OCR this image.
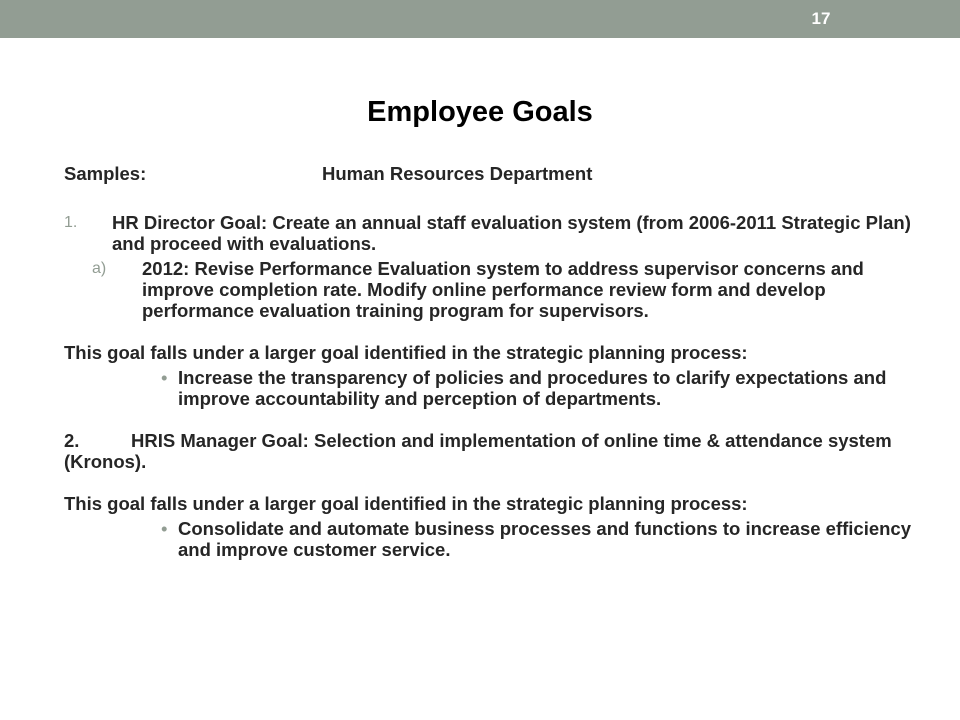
17
Employee Goals
Samples:	Human Resources Department
1. HR Director Goal: Create an annual staff evaluation system (from 2006-2011 Strategic Plan) and proceed with evaluations.
a) 2012: Revise Performance Evaluation system to address supervisor concerns and improve completion rate. Modify online performance review form and develop performance evaluation training program for supervisors.
This goal falls under a larger goal identified in the strategic planning process:
• Increase the transparency of policies and procedures to clarify expectations and improve accountability and perception of departments.
2.	HRIS Manager Goal: Selection and implementation of online time & attendance system (Kronos).
This goal falls under a larger goal identified in the strategic planning process:
• Consolidate and automate business processes and functions to increase efficiency and improve customer service.
